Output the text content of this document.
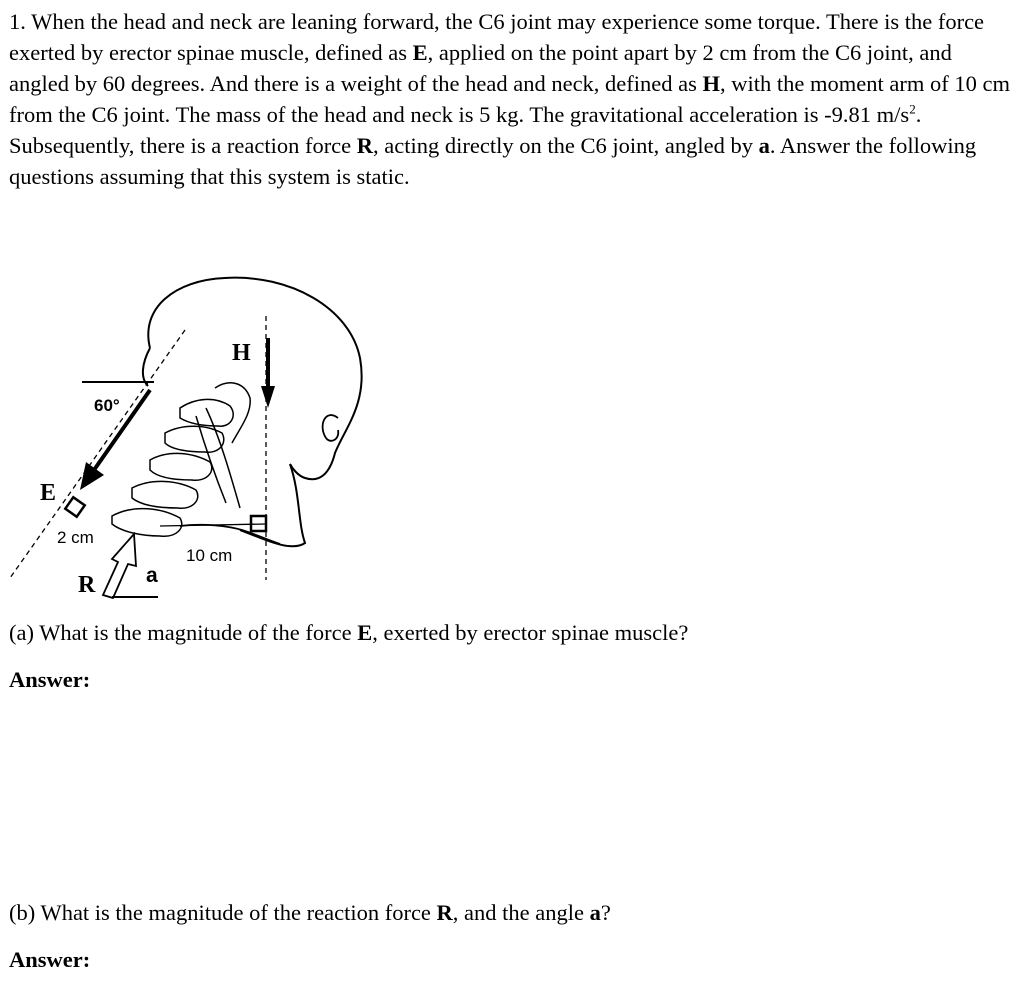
1. When the head and neck are leaning forward, the C6 joint may experience some torque. There is the force exerted by erector spinae muscle, defined as E, applied on the point apart by 2 cm from the C6 joint, and angled by 60 degrees. And there is a weight of the head and neck, defined as H, with the moment arm of 10 cm from the C6 joint. The mass of the head and neck is 5 kg. The gravitational acceleration is -9.81 $m/s^2$. Subsequently, there is a reaction force R, acting directly on the C6 joint, angled by a. Answer the following questions assuming that this system is static.
H
60°
E
2 cm
10 cm
R a
(a) What is the magnitude of the force E, exerted by erector spinae muscle?
Answer:
(b) What is the magnitude of the reaction force R, and the angle a?
Answer:
